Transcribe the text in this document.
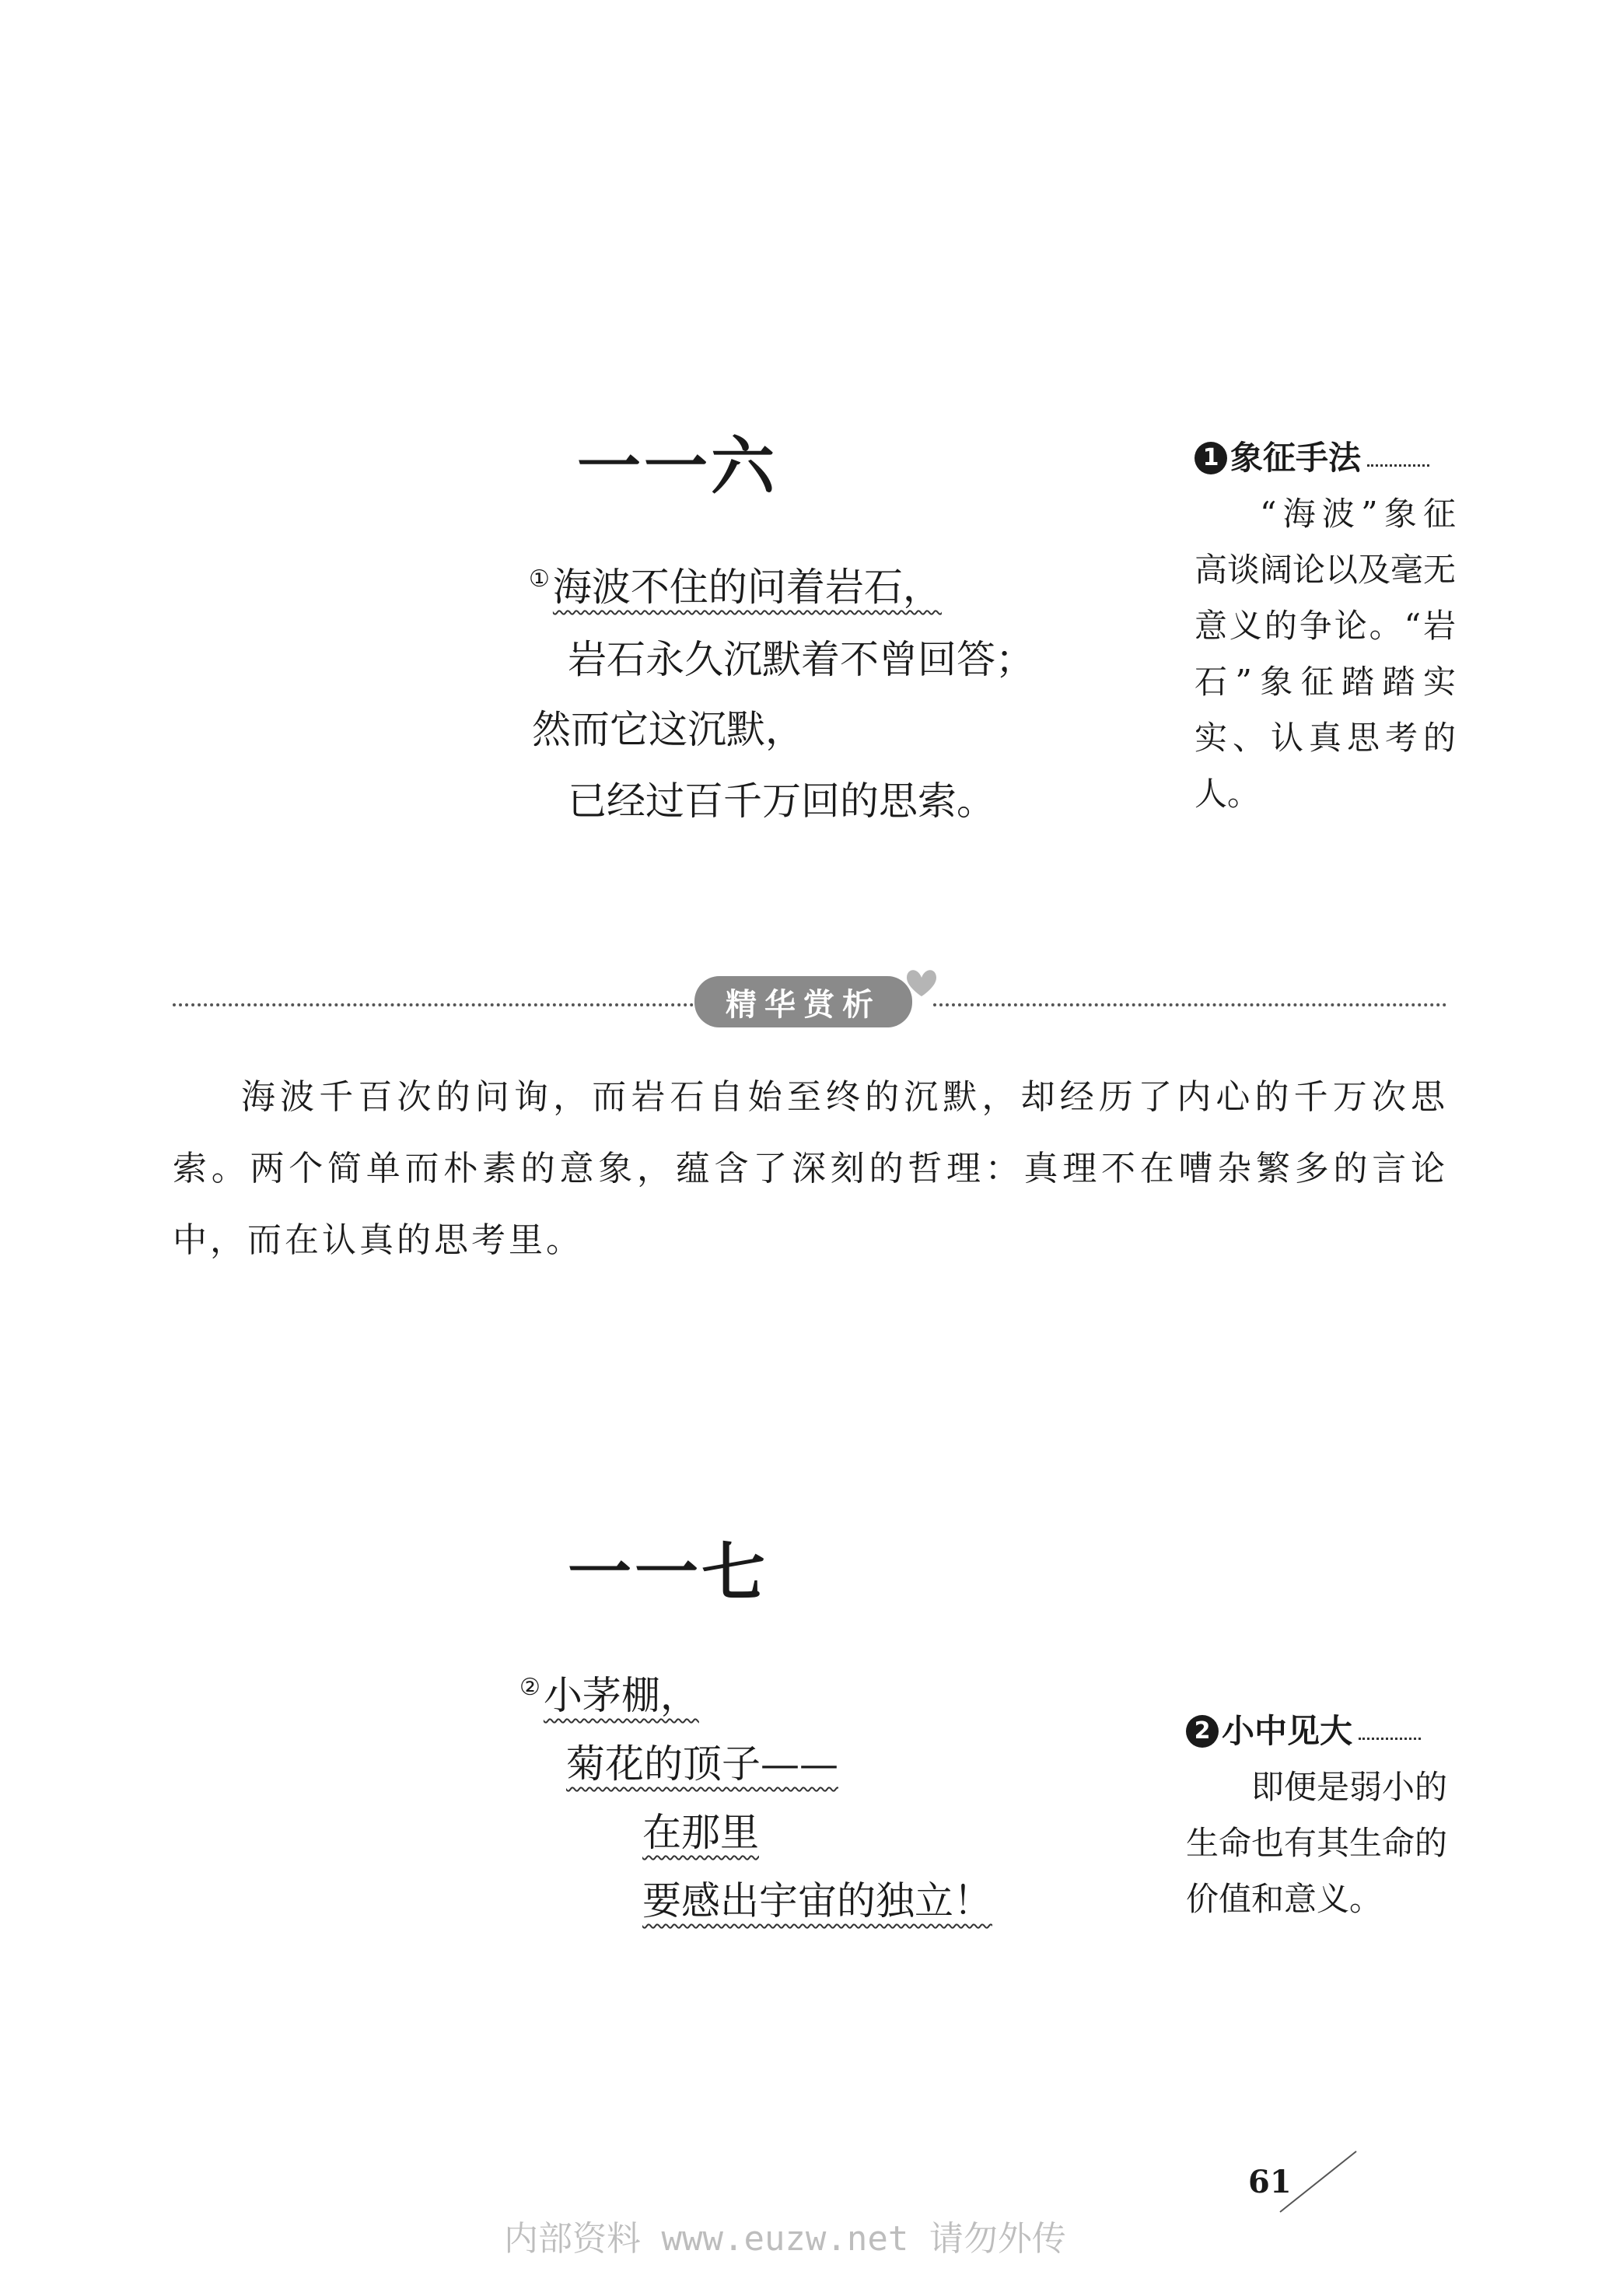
一一六
①海波不住的问着岩石，
岩石永久沉默着不曾回答；
然而它这沉默，
已经过百千万回的思索。
1 象征手法
“海波”象征高谈阔论以及毫无意义的争论。“岩石”象征踏踏实实、认真思考的人。
精华赏析
海波千百次的问询，而岩石自始至终的沉默，却经历了内心的千万次思索。两个简单而朴素的意象，蕴含了深刻的哲理：真理不在嘈杂繁多的言论中，而在认真的思考里。
一一七
②小茅棚，
菊花的顶子——
在那里
要感出宇宙的独立！
2 小中见大
即便是弱小的生命也有其生命的价值和意义。
61
内部资料 www.euzw.net 请勿外传
